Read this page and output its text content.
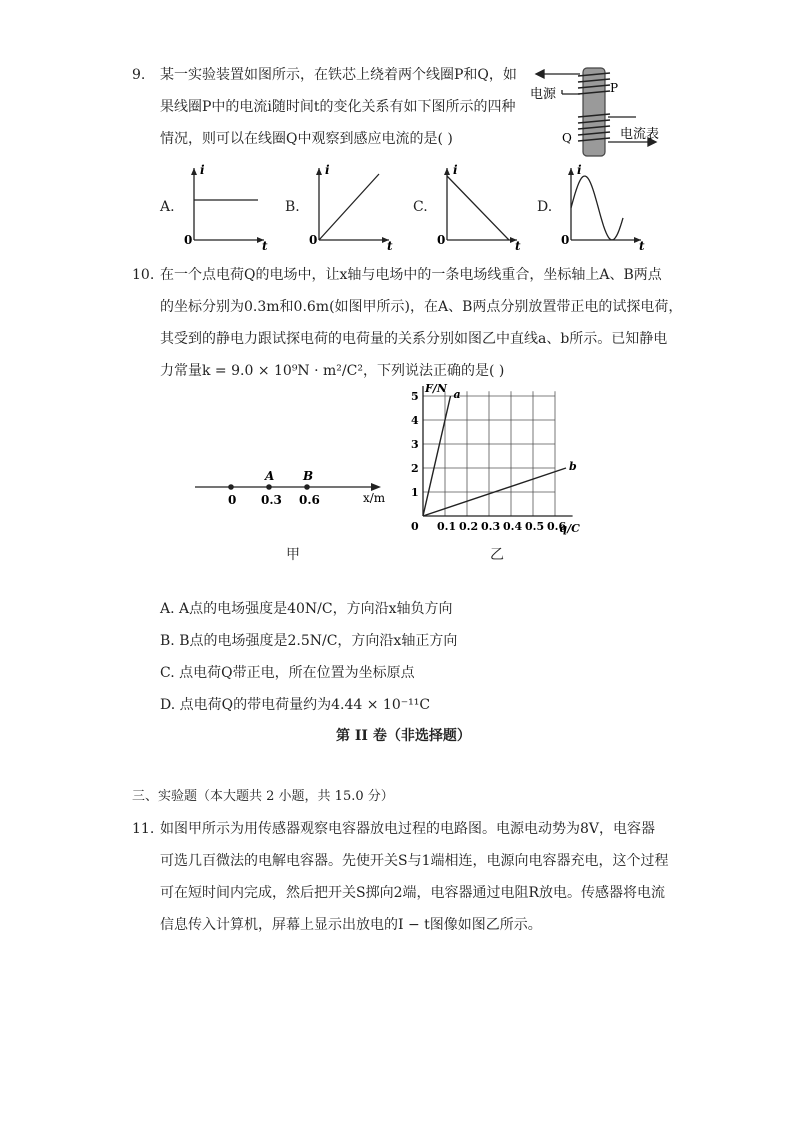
9. 某一实验装置如图所示，在铁芯上绕着两个线圈P和Q，如
果线圈P中的电流i随时间t的变化关系有如下图所示的四种
情况，则可以在线圈Q中观察到感应电流的是( )
电源	P
Q	电流表
A.
i
t
0
B.
i
t
0
C.
i
t
0
D.
i
t
0
10. 在一个点电荷Q的电场中，让x轴与电场中的一条电场线重合，坐标轴上A、B两点
的坐标分别为0.3m和0.6m(如图甲所示)，在A、B两点分别放置带正电的试探电荷，
其受到的静电力跟试探电荷的电荷量的关系分别如图乙中直线a、b所示。已知静电
力常量k = 9.0 × 10⁹N · m²/C²，下列说法正确的是( )
0
A
0.3
B
0.6	x/m
甲
1
2
3
4
5
0.1 0.2 0.3 0.4 0.5 0.6
0
F/N
q/C
a
b
乙
A. A点的电场强度是40N/C，方向沿x轴负方向
B. B点的电场强度是2.5N/C，方向沿x轴正方向
C. 点电荷Q带正电，所在位置为坐标原点
D. 点电荷Q的带电荷量约为4.44 × 10⁻¹¹C
第 II 卷（非选择题）
三、实验题（本大题共 2 小题，共 15.0 分）
11. 如图甲所示为用传感器观察电容器放电过程的电路图。电源电动势为8V，电容器
可选几百微法的电解电容器。先使开关S与1端相连，电源向电容器充电，这个过程
可在短时间内完成，然后把开关S掷向2端，电容器通过电阻R放电。传感器将电流
信息传入计算机，屏幕上显示出放电的I − t图像如图乙所示。
